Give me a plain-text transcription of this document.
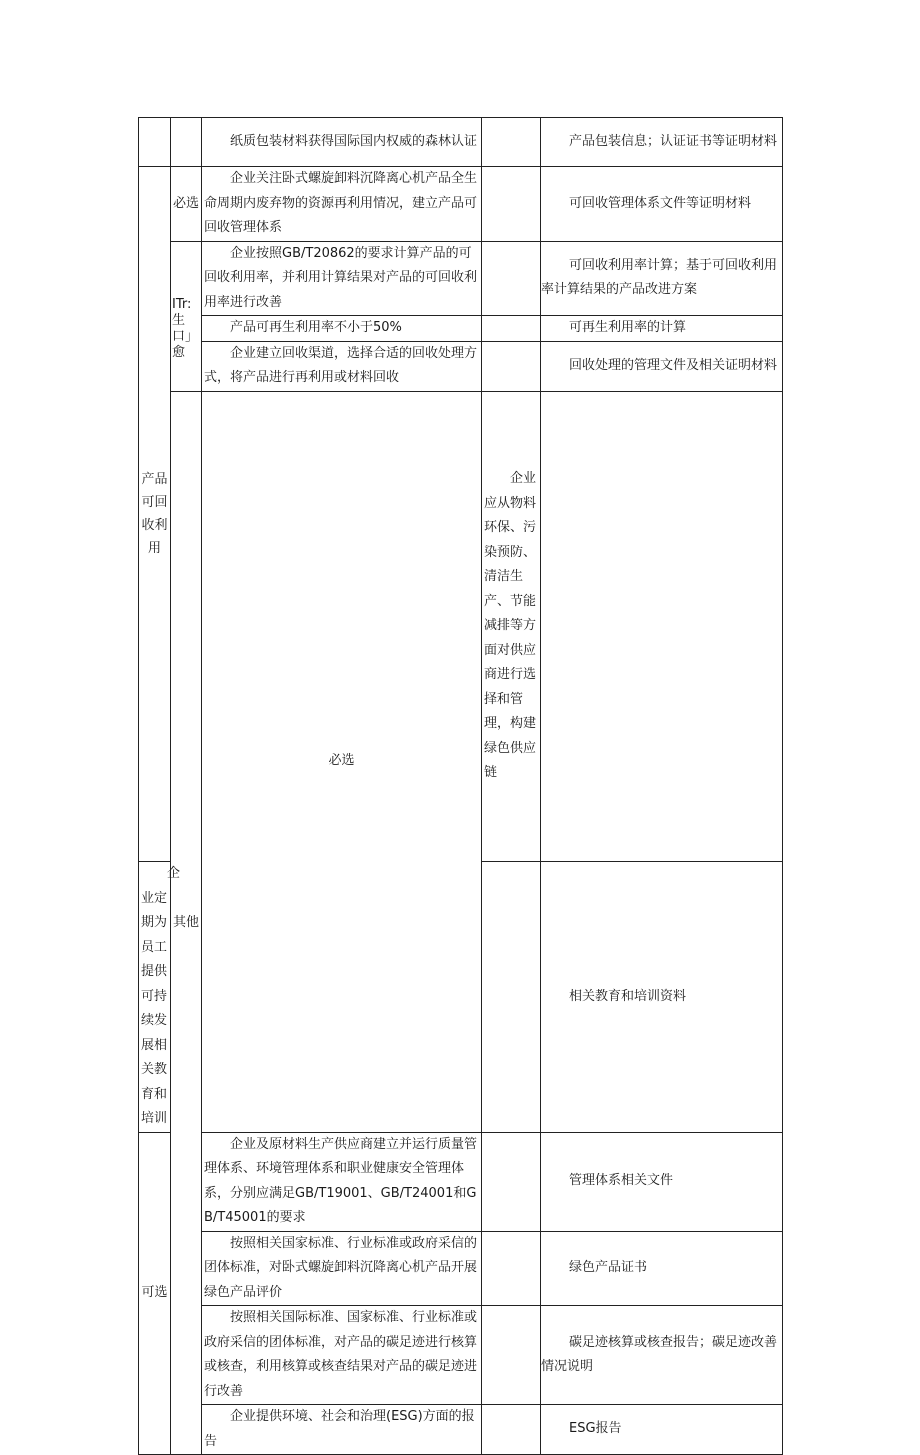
		纸质包装材料获得国际国内权威的森林认证		产品包装信息；认证证书等证明材料	
产品可回收利用	必选	企业关注卧式螺旋卸料沉降离心机产品全生命周期内废弃物的资源再利用情况，建立产品可回收管理体系		可回收管理体系文件等证明材料	
	ITr:生口」愈	企业按照GB/T20862的要求计算产品的可回收利用率，并利用计算结果对产品的可回收利用率进行改善		可回收利用率计算；基于可回收利用率计算结果的产品改进方案	
		产品可再生利用率不小于50%		可再生利用率的计算	
		企业建立回收渠道，选择合适的回收处理方式，将产品进行再利用或材料回收		回收处理的管理文件及相关证明材料	
	其他	必选	企业应从物料环保、污染预防、清洁生产、节能减排等方面对供应商进行选择和管理，构建绿色供应链		
企业定期为员工提供可持续发展相关教育和培训				相关教育和培训资料	
可选		企业及原材料生产供应商建立并运行质量管理体系、环境管理体系和职业健康安全管理体系，分别应满足GB/T19001、GB/T24001和GB/T45001的要求		管理体系相关文件	
		按照相关国家标准、行业标准或政府采信的团体标准，对卧式螺旋卸料沉降离心机产品开展绿色产品评价		绿色产品证书	
		按照相关国际标准、国家标准、行业标准或政府采信的团体标准，对产品的碳足迹进行核算或核查，利用核算或核查结果对产品的碳足迹进行改善		碳足迹核算或核查报告；碳足迹改善情况说明	
		企业提供环境、社会和治理(ESG)方面的报告		ESG报告	
